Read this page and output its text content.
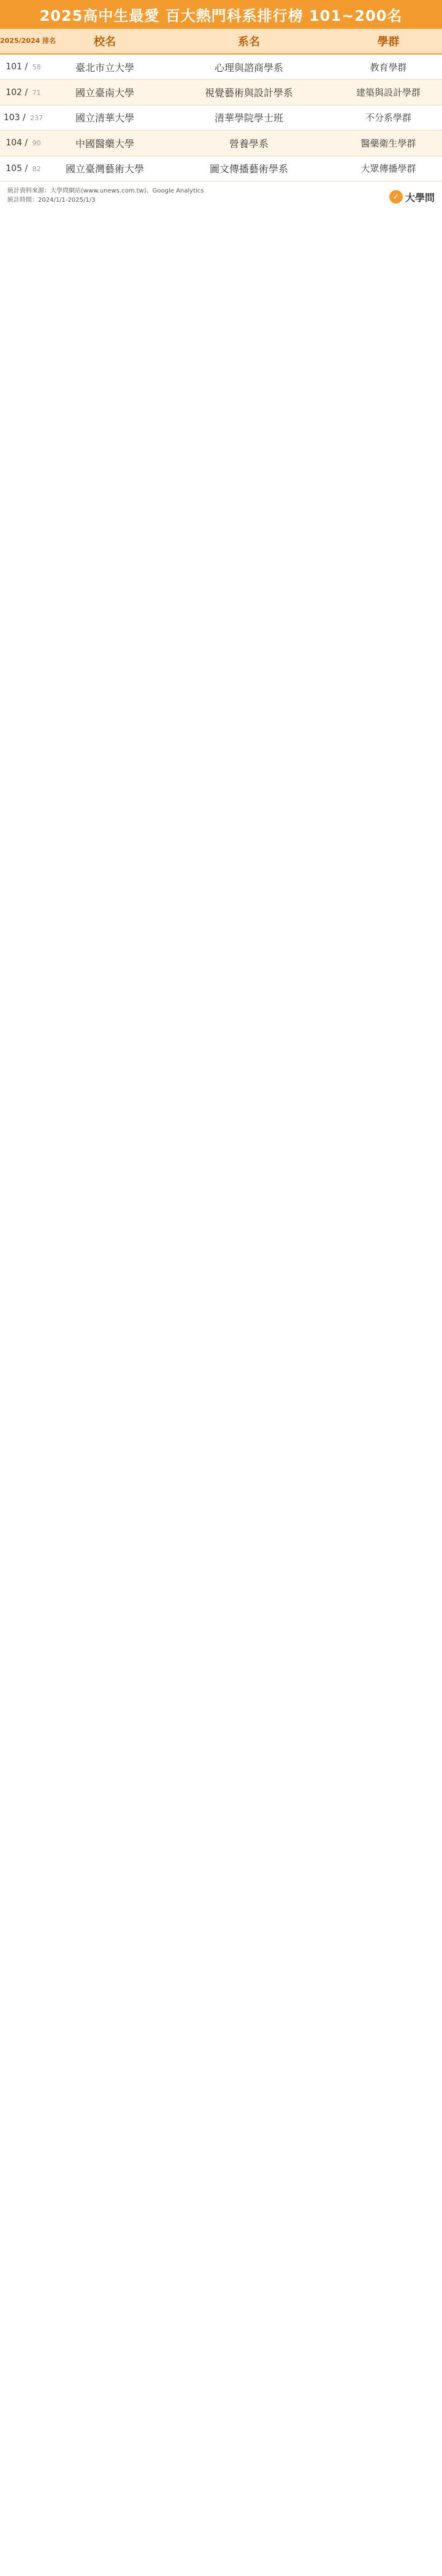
2025高中生最愛 百大熱門科系排行榜 101~200名
2025/2024 排名	校名	系名	學群
101 / 58	臺北市立大學	心理與諮商學系	教育學群
102 / 71	國立臺南大學	視覺藝術與設計學系	建築與設計學群
103 / 237	國立清華大學	清華學院學士班	不分系學群
104 / 90	中國醫藥大學	營養學系	醫藥衛生學群
105 / 82	國立臺灣藝術大學	圖文傳播藝術學系	大眾傳播學群
統計資料來源：大學問網站(www.unews.com.tw)、Google Analytics
統計時間：2024/1/1-2025/1/3	✓ 大學問
